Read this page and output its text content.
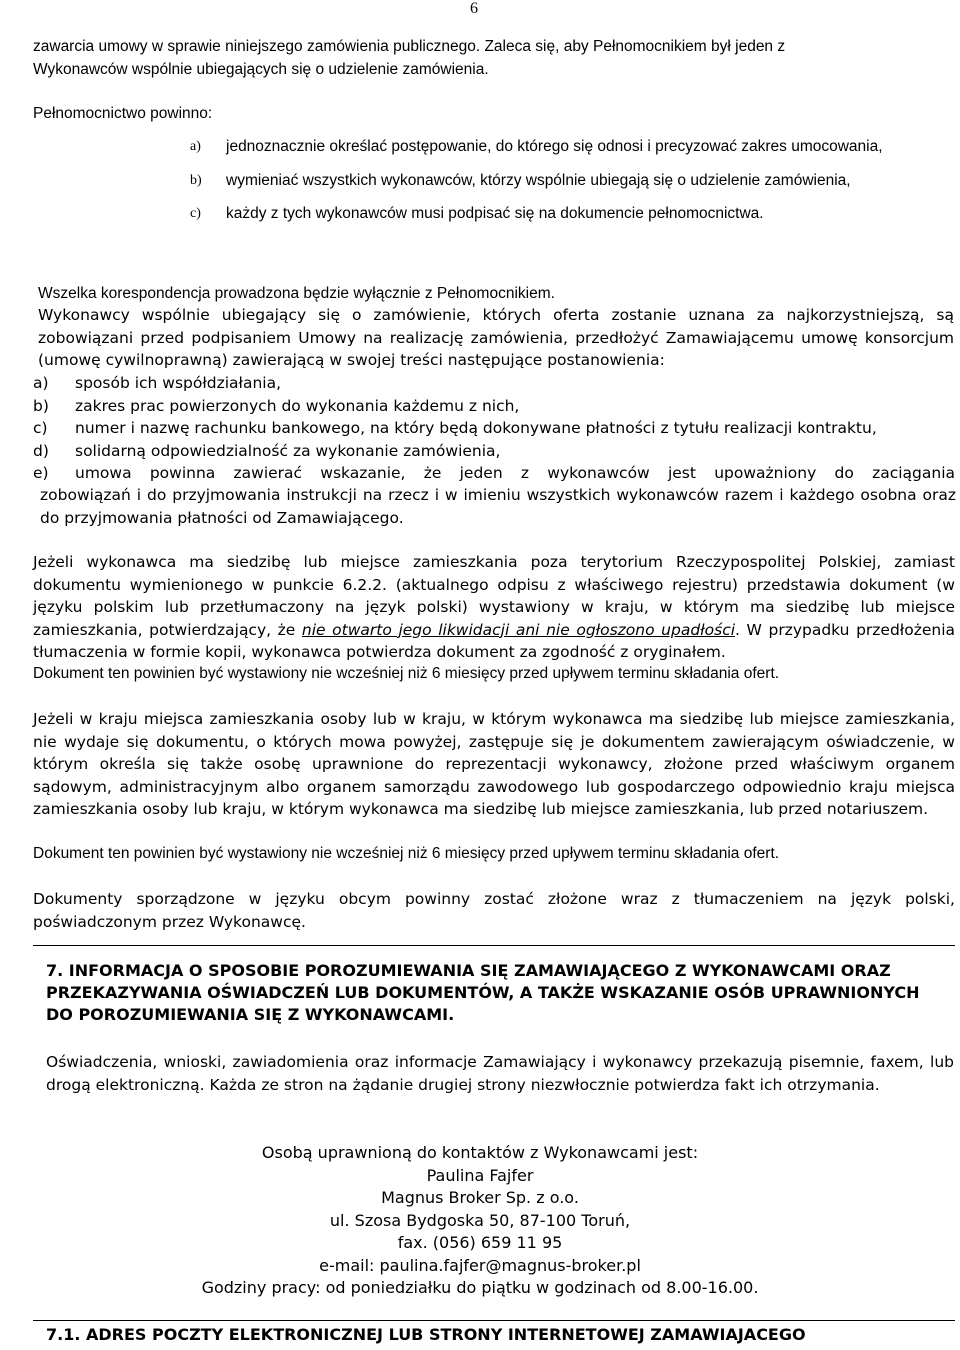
6
zawarcia umowy w sprawie niniejszego zamówienia publicznego. Zaleca się, aby Pełnomocnikiem był jeden z
Wykonawców wspólnie ubiegających się o udzielenie zamówienia.
Pełnomocnictwo powinno:
a)	jednoznacznie określać postępowanie, do którego się odnosi i precyzować zakres umocowania,
b)	wymieniać wszystkich wykonawców, którzy wspólnie ubiegają się o udzielenie zamówienia,
c)	każdy z tych wykonawców musi podpisać się na dokumencie pełnomocnictwa.
Wszelka korespondencja prowadzona będzie wyłącznie z Pełnomocnikiem.
Wykonawcy wspólnie ubiegający się o zamówienie, których oferta zostanie uznana za najkorzystniejszą, są zobowiązani przed podpisaniem Umowy na realizację zamówienia, przedłożyć Zamawiającemu umowę konsorcjum (umowę cywilnoprawną) zawierającą w swojej treści następujące postanowienia:
a)	sposób ich współdziałania,
b)	zakres prac powierzonych do wykonania każdemu z nich,
c)	numer i nazwę rachunku bankowego, na który będą dokonywane płatności z tytułu realizacji kontraktu,
d)	solidarną odpowiedzialność za wykonanie zamówienia,
e)	umowa powinna zawierać wskazanie, że jeden z wykonawców jest upoważniony do zaciągania
zobowiązań i do przyjmowania instrukcji na rzecz i w imieniu wszystkich wykonawców razem i każdego osobna oraz do przyjmowania płatności od Zamawiającego.
Jeżeli wykonawca ma siedzibę lub miejsce zamieszkania poza terytorium Rzeczypospolitej Polskiej, zamiast dokumentu wymienionego w punkcie 6.2.2. (aktualnego odpisu z właściwego rejestru) przedstawia dokument (w języku polskim lub przetłumaczony na język polski) wystawiony w kraju, w którym ma siedzibę lub miejsce zamieszkania, potwierdzający, że nie otwarto jego likwidacji ani nie ogłoszono upadłości. W przypadku przedłożenia tłumaczenia w formie kopii, wykonawca potwierdza dokument za zgodność z oryginałem.
Dokument ten powinien być wystawiony nie wcześniej niż 6 miesięcy przed upływem terminu składania ofert.
Jeżeli w kraju miejsca zamieszkania osoby lub w kraju, w którym wykonawca ma siedzibę lub miejsce zamieszkania, nie wydaje się dokumentu, o których mowa powyżej, zastępuje się je dokumentem zawierającym oświadczenie, w którym określa się także osobę uprawnione do reprezentacji wykonawcy, złożone przed właściwym organem sądowym, administracyjnym albo organem samorządu zawodowego lub gospodarczego odpowiednio kraju miejsca zamieszkania osoby lub kraju, w którym wykonawca ma siedzibę lub miejsce zamieszkania, lub przed notariuszem.
Dokument ten powinien być wystawiony nie wcześniej niż 6 miesięcy przed upływem terminu składania ofert.
Dokumenty sporządzone w języku obcym powinny zostać złożone wraz z tłumaczeniem na język polski, poświadczonym przez Wykonawcę.
7. INFORMACJA O SPOSOBIE POROZUMIEWANIA SIĘ ZAMAWIAJĄCEGO Z WYKONAWCAMI ORAZ PRZEKAZYWANIA OŚWIADCZEŃ LUB DOKUMENTÓW, A TAKŻE WSKAZANIE OSÓB UPRAWNIONYCH DO POROZUMIEWANIA SIĘ Z WYKONAWCAMI.
Oświadczenia, wnioski, zawiadomienia oraz informacje Zamawiający i wykonawcy przekazują pisemnie, faxem, lub drogą elektroniczną. Każda ze stron na żądanie drugiej strony niezwłocznie potwierdza fakt ich otrzymania.
Osobą uprawnioną do kontaktów z Wykonawcami jest:
Paulina Fajfer
Magnus Broker Sp. z o.o.
ul. Szosa Bydgoska 50, 87-100 Toruń,
fax. (056) 659 11 95
e-mail: paulina.fajfer@magnus-broker.pl
Godziny pracy: od poniedziałku do piątku w godzinach od 8.00-16.00.
7.1. ADRES POCZTY ELEKTRONICZNEJ LUB STRONY INTERNETOWEJ ZAMAWIAJACEGO
